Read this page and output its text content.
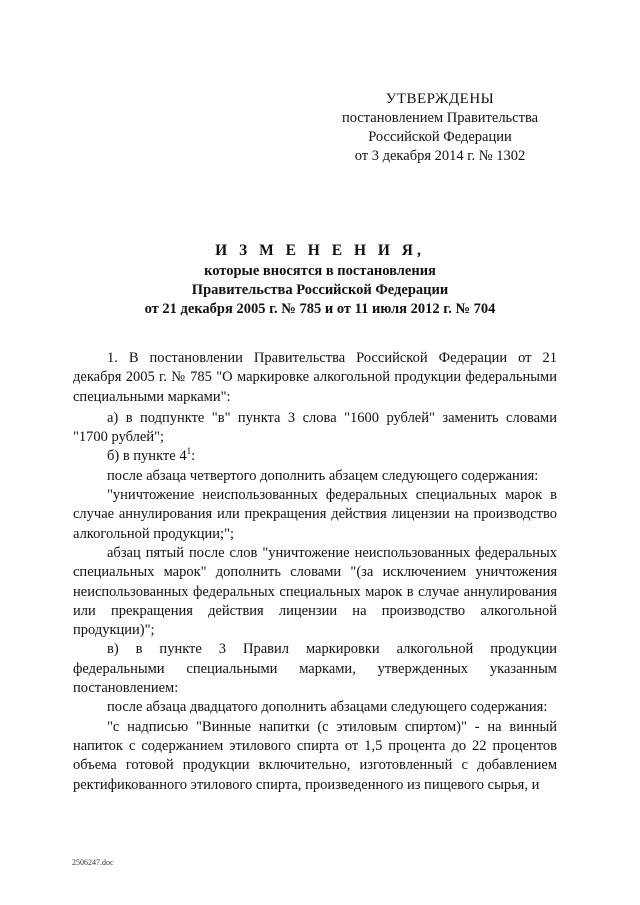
УТВЕРЖДЕНЫ
постановлением Правительства
Российской Федерации
от 3 декабря 2014 г. № 1302
И З М Е Н Е Н И Я,
которые вносятся в постановления
Правительства Российской Федерации
от 21 декабря 2005 г. № 785 и от 11 июля 2012 г. № 704

1. В постановлении Правительства Российской Федерации от 21 декабря 2005 г. № 785 "О маркировке алкогольной продукции федеральными специальными марками":

а) в подпункте "в" пункта 3 слова "1600 рублей" заменить словами "1700 рублей";

б) в пункте $4^1$:

после абзаца четвертого дополнить абзацем следующего содержания:

"уничтожение неиспользованных федеральных специальных марок в случае аннулирования или прекращения действия лицензии на производство алкогольной продукции;";

абзац пятый после слов "уничтожение неиспользованных федеральных специальных марок" дополнить словами "(за исключением уничтожения неиспользованных федеральных специальных марок в случае аннулирования или прекращения действия лицензии на производство алкогольной продукции)";

в) в пункте 3 Правил маркировки алкогольной продукции федеральными специальными марками, утвержденных указанным постановлением:

после абзаца двадцатого дополнить абзацами следующего содержания:

"с надписью "Винные напитки (с этиловым спиртом)" - на винный напиток с содержанием этилового спирта от 1,5 процента до 22 процентов объема готовой продукции включительно, изготовленный с добавлением ректификованного этилового спирта, произведенного из пищевого сырья, и

2506247.doc
